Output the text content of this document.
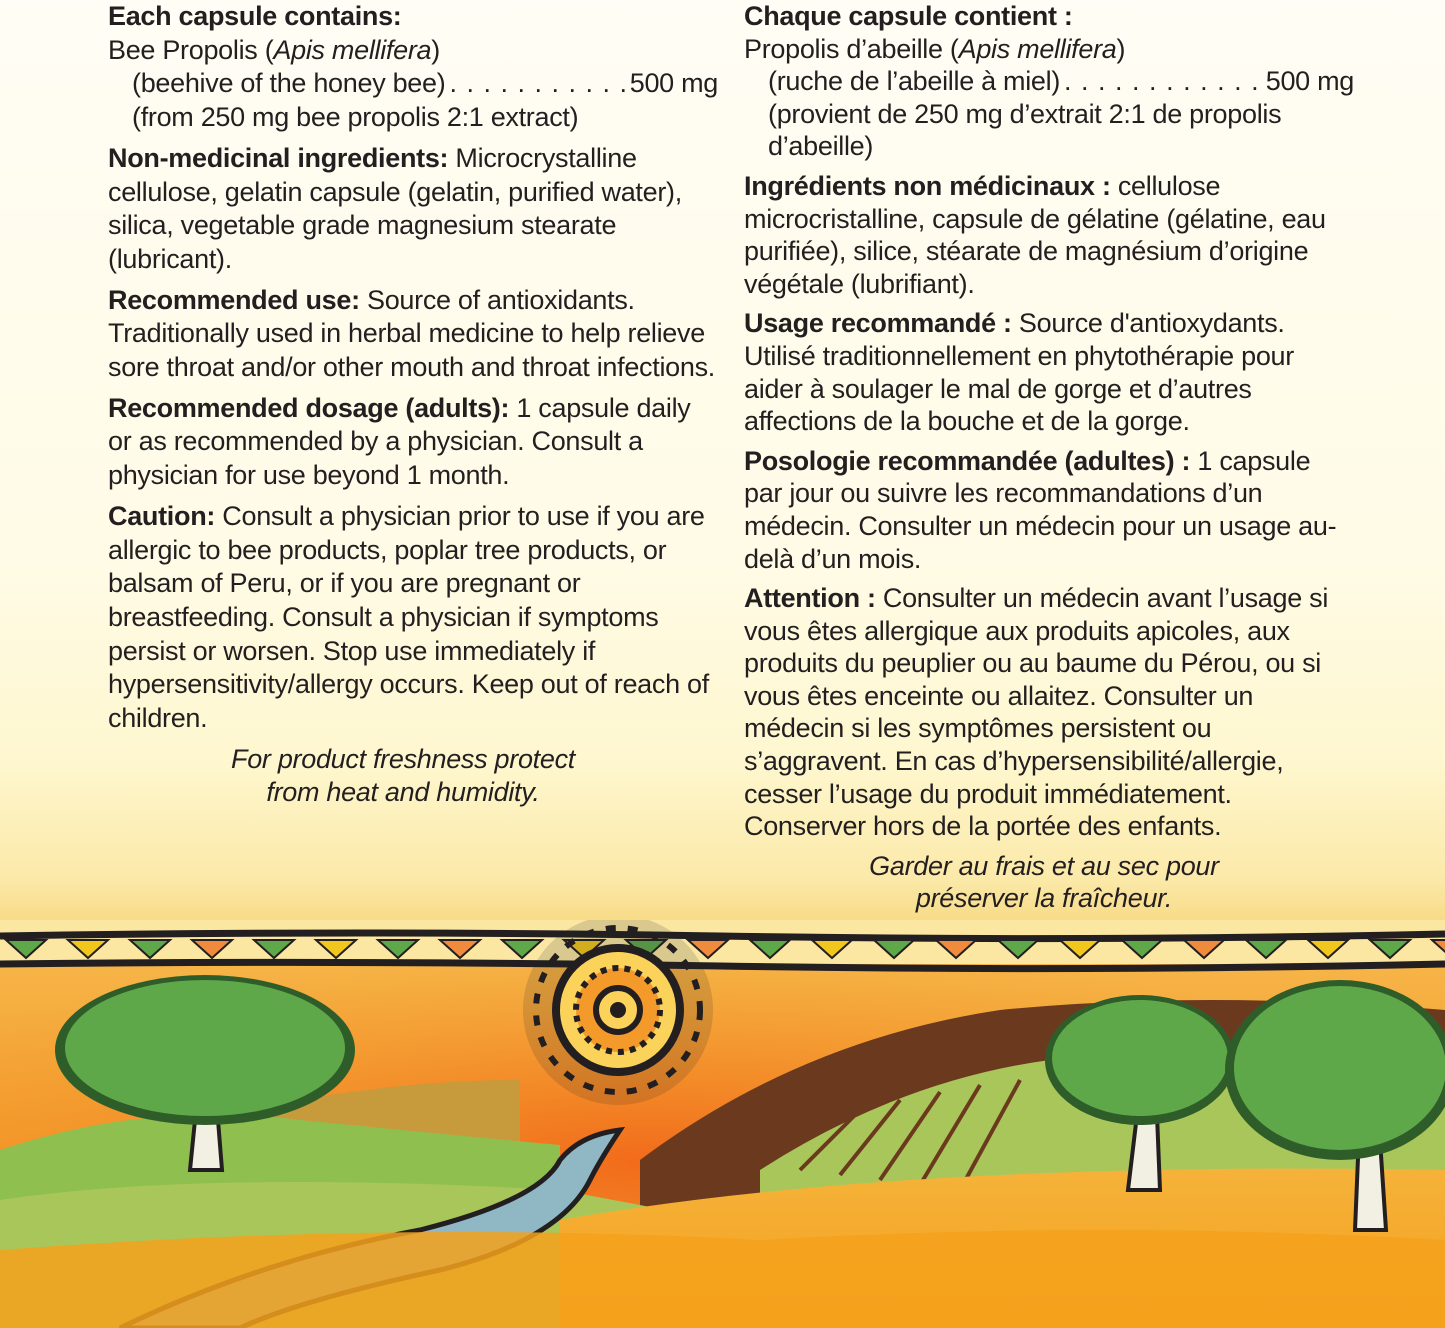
Each capsule contains:

Bee Propolis (Apis mellifera)

(beehive of the honey bee) . . .	500 mg

(from 250 mg bee propolis 2:1 extract)

Non-medicinal ingredients: Microcrystalline cellulose, gelatin capsule (gelatin, purified water), silica, vegetable grade magnesium stearate (lubricant).

Recommended use: Source of antioxidants. Traditionally used in herbal medicine to help relieve sore throat and/or other mouth and throat infections.

Recommended dosage (adults): 1 capsule daily or as recommended by a physician. Consult a physician for use beyond 1 month.

Caution: Consult a physician prior to use if you are allergic to bee products, poplar tree products, or balsam of Peru, or if you are pregnant or breastfeeding. Consult a physician if symptoms persist or worsen. Stop use immediately if hypersensitivity/allergy occurs. Keep out of reach of children.

For product freshness protect
from heat and humidity.

Chaque capsule contient :

Propolis d’abeille (Apis mellifera)

(ruche de l’abeille à miel) . . .	500 mg

(provient de 250 mg d’extrait 2:1 de propolis d’abeille)

Ingrédients non médicinaux : cellulose microcristalline, capsule de gélatine (gélatine, eau purifiée), silice, stéarate de magnésium d’origine végétale (lubrifiant).

Usage recommandé : Source d'antioxydants. Utilisé traditionnellement en phytothérapie pour aider à soulager le mal de gorge et d’autres affections de la bouche et de la gorge.

Posologie recommandée (adultes) : 1 capsule par jour ou suivre les recommandations d’un médecin. Consulter un médecin pour un usage au-delà d’un mois.

Attention : Consulter un médecin avant l’usage si vous êtes allergique aux produits apicoles, aux produits du peuplier ou au baume du Pérou, ou si vous êtes enceinte ou allaitez. Consulter un médecin si les symptômes persistent ou s’aggravent. En cas d’hypersensibilité/allergie, cesser l’usage du produit immédiatement. Conserver hors de la portée des enfants.

Garder au frais et au sec pour
préserver la fraîcheur.
